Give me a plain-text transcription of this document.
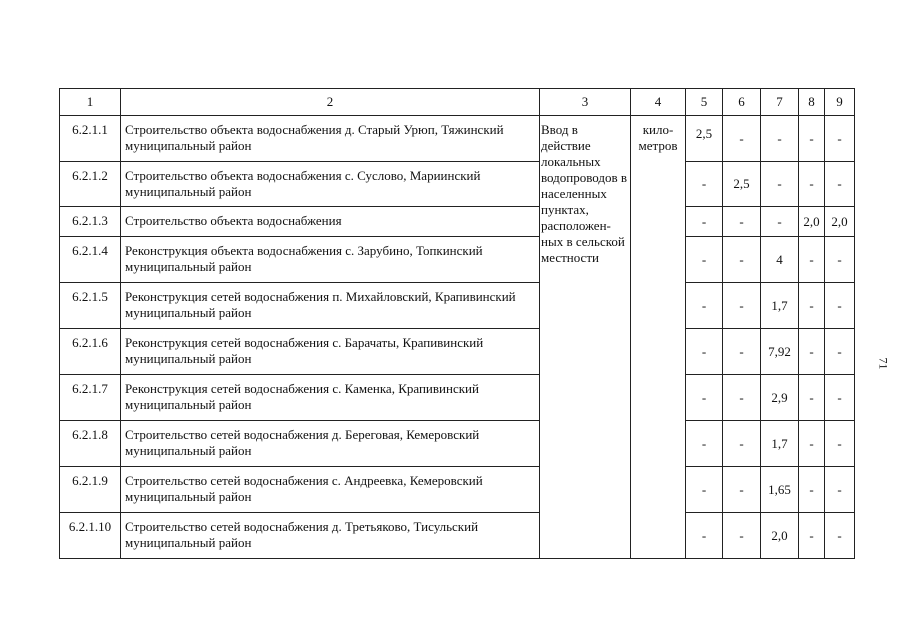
1	2	3	4	5	6	7	8	9
6.2.1.1	Строительство объекта водоснабжения д. Старый Урюп, Тяжинский муниципальный район	Ввод в действие локальных водопроводов в населенных пунктах, расположен-ных в сельской местности	кило-метров	2,5	-	-	-	-
6.2.1.2	Строительство объекта водоснабжения с. Суслово, Мариинский муниципальный район			-	2,5	-	-	-
6.2.1.3	Строительство объекта водоснабжения			-	-	-	2,0	2,0
6.2.1.4	Реконструкция объекта водоснабжения с. Зарубино, Топкинский муниципальный район			-	-	4	-	-
6.2.1.5	Реконструкция сетей водоснабжения п. Михайловский, Крапивинский муниципальный район			-	-	1,7	-	-
6.2.1.6	Реконструкция сетей водоснабжения с. Барачаты, Крапивинский муниципальный район			-	-	7,92	-	-
6.2.1.7	Реконструкция сетей водоснабжения с. Каменка, Крапивинский муниципальный район			-	-	2,9	-	-
6.2.1.8	Строительство сетей водоснабжения д. Береговая, Кемеровский муниципальный район			-	-	1,7	-	-
6.2.1.9	Строительство сетей водоснабжения с. Андреевка, Кемеровский муниципальный район			-	-	1,65	-	-
6.2.1.10	Строительство сетей водоснабжения д. Третьяково, Тисульский муниципальный район			-	-	2,0	-	-
71
